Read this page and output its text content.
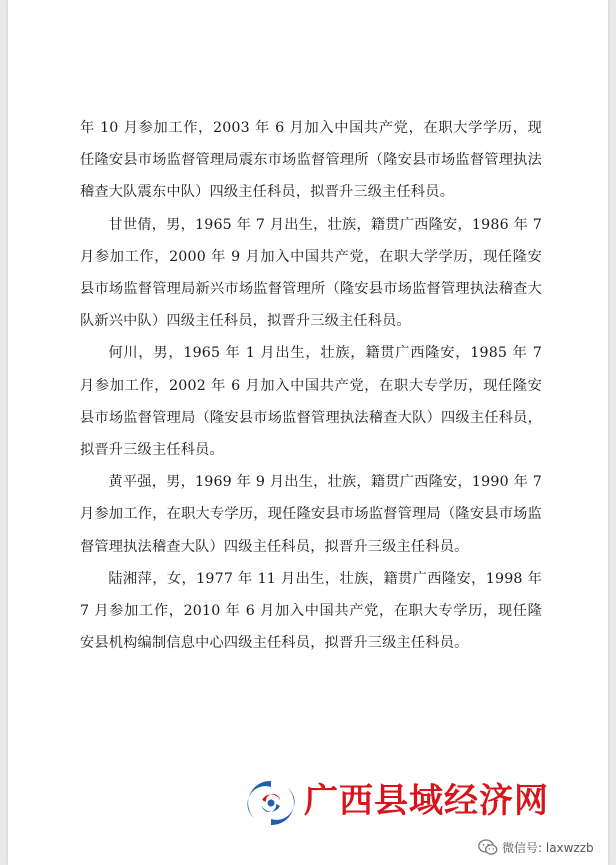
年 10 月参加工作，2003 年 6 月加入中国共产党，在职大学学历，现任隆安县市场监督管理局震东市场监督管理所（隆安县市场监督管理执法稽查大队震东中队）四级主任科员，拟晋升三级主任科员。

甘世倩，男，1965 年 7 月出生，壮族，籍贯广西隆安，1986 年 7 月参加工作，2000 年 9 月加入中国共产党，在职大学学历，现任隆安县市场监督管理局新兴市场监督管理所（隆安县市场监督管理执法稽查大队新兴中队）四级主任科员，拟晋升三级主任科员。

何川，男，1965 年 1 月出生，壮族，籍贯广西隆安，1985 年 7 月参加工作，2002 年 6 月加入中国共产党，在职大专学历，现任隆安县市场监督管理局（隆安县市场监督管理执法稽查大队）四级主任科员，拟晋升三级主任科员。

黄平强，男，1969 年 9 月出生，壮族，籍贯广西隆安，1990 年 7 月参加工作，在职大专学历，现任隆安县市场监督管理局（隆安县市场监督管理执法稽查大队）四级主任科员，拟晋升三级主任科员。

陆湘萍，女，1977 年 11 月出生，壮族，籍贯广西隆安，1998 年 7 月参加工作，2010 年 6 月加入中国共产党，在职大专学历，现任隆安县机构编制信息中心四级主任科员，拟晋升三级主任科员。

广西县域经济网
微信号: laxwzzb
